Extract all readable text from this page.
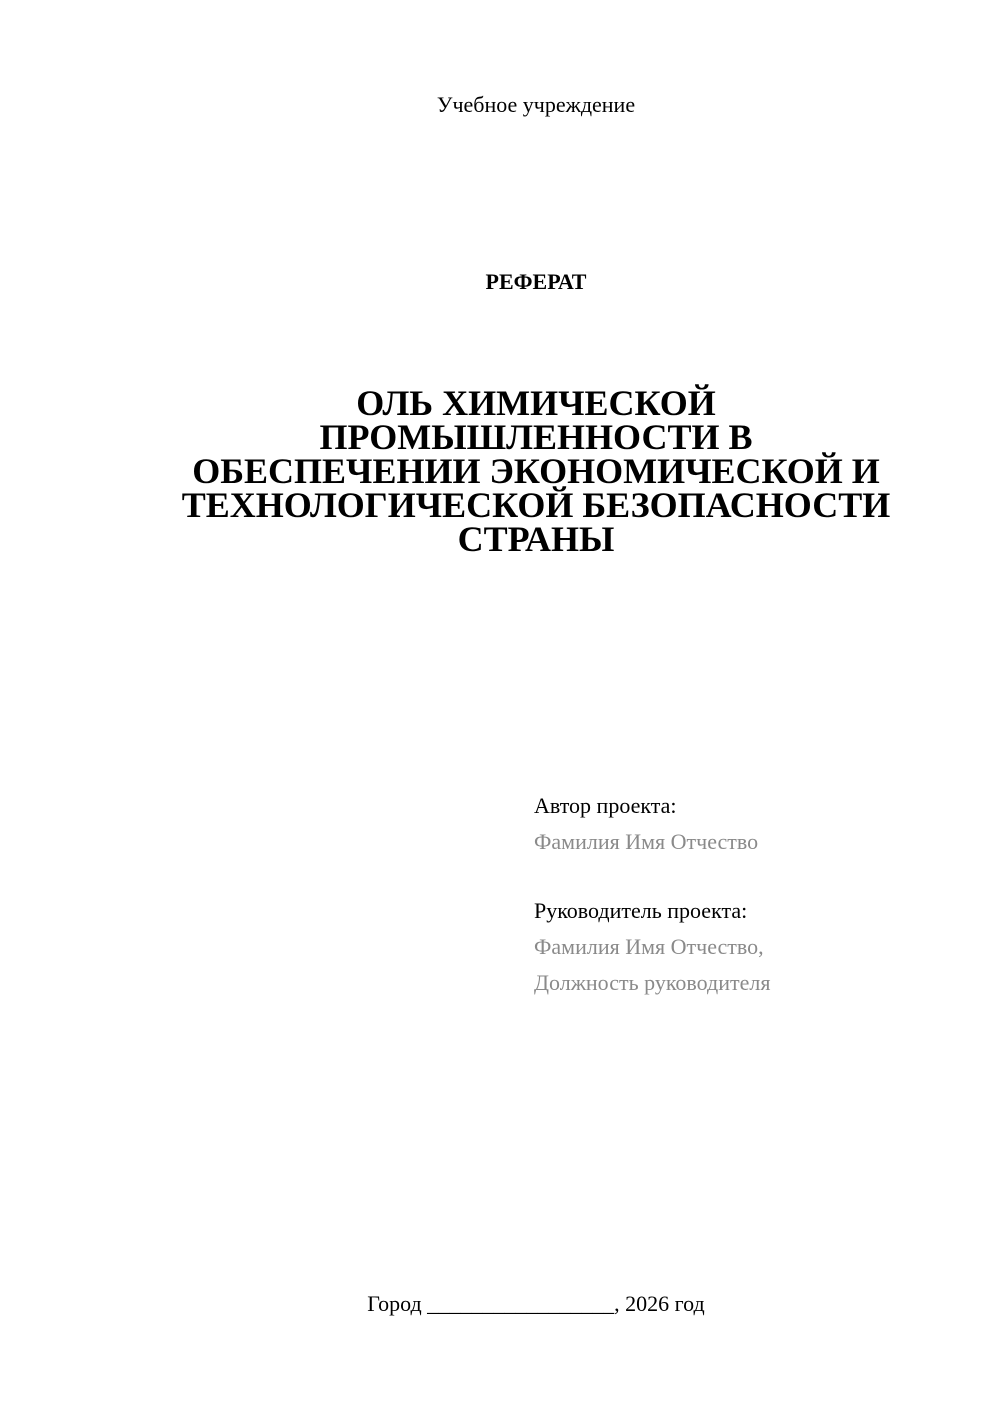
Учебное учреждение
РЕФЕРАТ
ОЛЬ ХИМИЧЕСКОЙ
ПРОМЫШЛЕННОСТИ В
ОБЕСПЕЧЕНИИ ЭКОНОМИЧЕСКОЙ И
ТЕХНОЛОГИЧЕСКОЙ БЕЗОПАСНОСТИ
СТРАНЫ
Автор проекта:
Фамилия Имя Отчество
Руководитель проекта:
Фамилия Имя Отчество,
Должность руководителя
Город _________________, 2026 год
